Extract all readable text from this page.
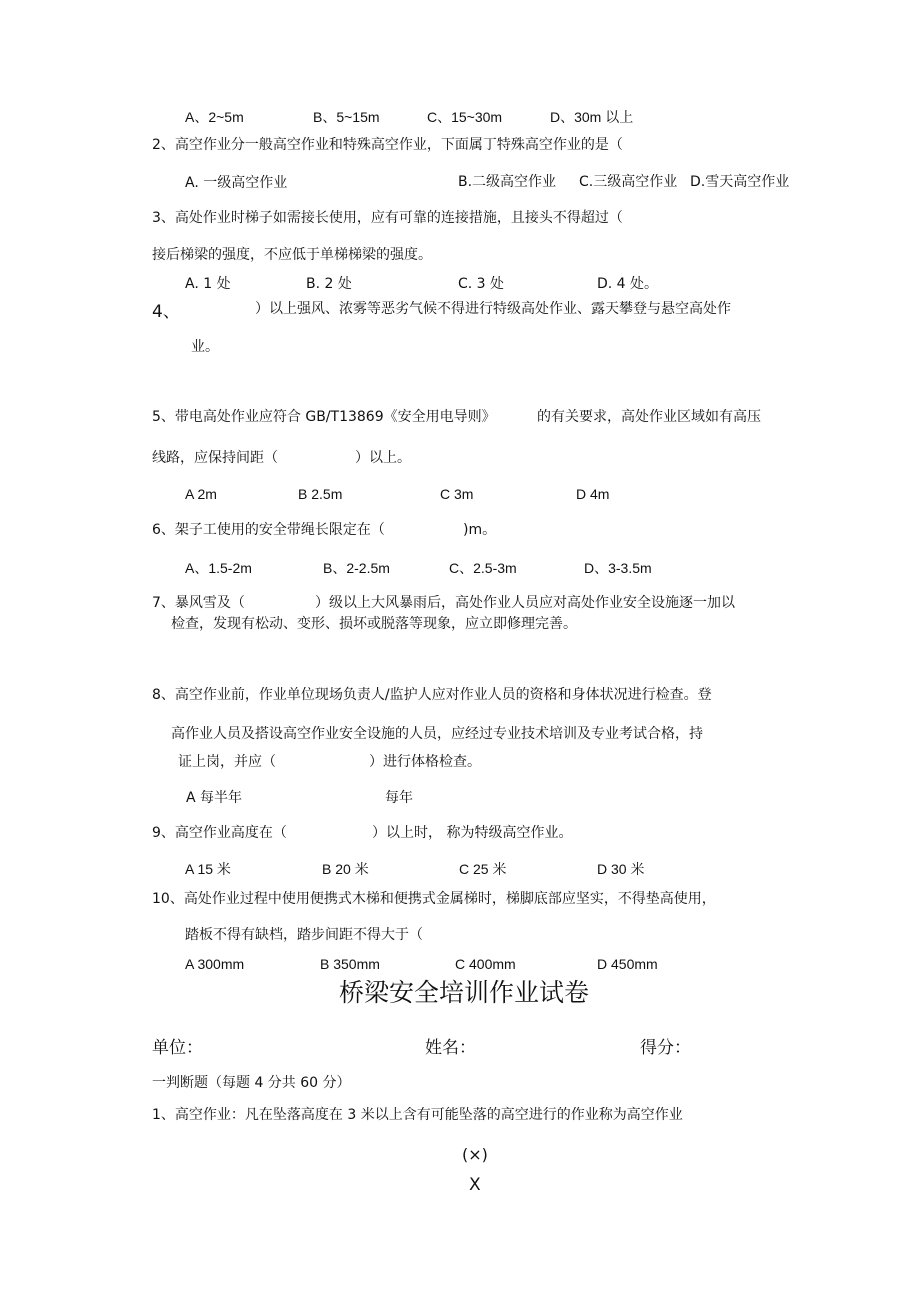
A、2~5m	B、5~15m	C、15~30m	D、30m 以上
2、高空作业分一般高空作业和特殊高空作业，下面属丁特殊高空作业的是（
A. 一级高空作业	B.二级高空作业 C.三级高空作业 D.雪天高空作业
3、高处作业时梯子如需接长使用，应有可靠的连接措施，且接头不得超过（
接后梯梁的强度，不应低于单梯梯梁的强度。
A. 1 处	B. 2 处	C. 3 处	D. 4 处。
4、	）以上强风、浓雾等恶劣气候不得进行特级高处作业、露天攀登与悬空高处作
业。
5、带电高处作业应符合 GB/T13869《安全用电导则》	的有关要求，高处作业区域如有高压
线路，应保持间距（	）以上。
A 2m	B 2.5m	C 3m	D 4m
6、架子工使用的安全带绳长限定在（	)m。
A、1.5-2m	B、2-2.5m	C、2.5-3m	D、3-3.5m
7、暴风雪及（	）级以上大风暴雨后，高处作业人员应对高处作业安全设施逐一加以
检查，发现有松动、变形、损坏或脱落等现象，应立即修理完善。
8、高空作业前，作业单位现场负责人/监护人应对作业人员的资格和身体状况进行检查。登
高作业人员及搭设高空作业安全设施的人员，应经过专业技术培训及专业考试合格，持
证上岗，并应（	）进行体格检查。
A 每半年	每年
9、高空作业高度在（	）以上时， 称为特级高空作业。
A 15 米	B 20 米	C 25 米	D 30 米
10、高处作业过程中使用便携式木梯和便携式金属梯时，梯脚底部应坚实，不得垫高使用，
踏板不得有缺档，踏步间距不得大于（
A 300mm	B 350mm	C 400mm	D 450mm
桥梁安全培训作业试卷
单位：	姓名：	得分：
一判断题（每题 4 分共 60 分）
1、高空作业：凡在坠落高度在 3 米以上含有可能坠落的高空进行的作业称为高空作业
(×)
X
